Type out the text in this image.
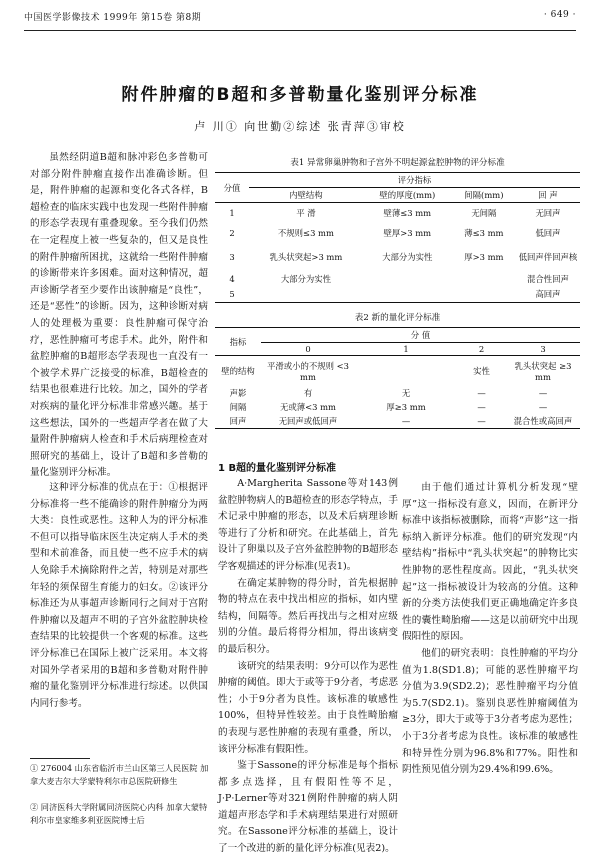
中国医学影像技术 1999年 第15卷 第8期	· 649 ·
附件肿瘤的B超和多普勒量化鉴别评分标准
卢 川① 向世勤②综述 张青萍③审校

虽然经阴道B超和脉冲彩色多普勒可对部分附件肿瘤直接作出准确诊断。但是，附件肿瘤的起源和变化各式各样，B超检查的临床实践中也发现一些附件肿瘤的形态学表现有重叠现象。至今我们仍然在一定程度上被一些复杂的，但又是良性的附件肿瘤所困扰，这就给一些附件肿瘤的诊断带来许多困难。面对这种情况，超声诊断学者至少要作出该肿瘤是“良性”，还是“恶性”的诊断。因为，这种诊断对病人的处理极为重要：良性肿瘤可保守治疗，恶性肿瘤可考虑手术。此外，附件和盆腔肿瘤的B超形态学表现也一直没有一个被学术界广泛接受的标准，B超检查的结果也很难进行比较。加之，国外的学者对疾病的量化评分标准非常感兴趣。基于这些想法，国外的一些超声学者在做了大量附件肿瘤病人检查和手术后病理检查对照研究的基础上，设计了B超和多普勒的量化鉴别评分标准。

表1 异常卵巢肿物和子宫外不明起源盆腔肿物的评分标准
分值	评分指标			
	内壁结构	壁的厚度(mm)	间隔(mm)	回 声
1	平 滑	壁薄≤3 mm	无间隔	无回声
2	不规则≤3 mm	壁厚>3 mm	薄≤3 mm	低回声
3	乳头状突起>3 mm	大部分为实性	厚>3 mm	低回声伴回声核
4	大部分为实性			混合性回声
5				高回声
表2 新的量化评分标准
指标	分 值			
	0	1	2	3
壁的结构	平滑或小的不规则 <3 mm		实性	乳头状突起 ≥3 mm
声影	有	无	—	—
间隔	无或薄<3 mm	厚≥3 mm	—	—
回声	无回声或低回声	—	—	混合性或高回声

这种评分标准的优点在于：①根据评分标准将一些不能确诊的附件肿瘤分为两大类：良性或恶性。这种人为的评分标准不但可以指导临床医生决定病人手术的类型和术前准备，而且使一些不应手术的病人免除手术摘除附件之苦，特别是对那些年轻的须保留生育能力的妇女。②该评分标准还为从事超声诊断同行之间对于宫附件肿瘤以及超声不明的子宫外盆腔肿块检查结果的比较提供一个客观的标准。这些评分标准已在国际上被广泛采用。本文将对国外学者采用的B超和多普勒对附件肿瘤的量化鉴别评分标准进行综述。以供国内同行参考。

① 276004 山东省临沂市兰山区第三人民医院 加拿大麦吉尔大学蒙特利尔市总医院研修生
② 同济医科大学附属同济医院心内科 加拿大蒙特利尔市皇家维多利亚医院博士后
1 B超的量化鉴别评分标准

A·Margherita Sassone等对143例盆腔肿物病人的B超检查的形态学特点，手术记录中肿瘤的形态，以及术后病理诊断等进行了分析和研究。在此基础上，首先设计了卵巢以及子宫外盆腔肿物的B超形态学客观描述的评分标准(见表1)。

在确定某肿物的得分时，首先根据肿物的特点在表中找出相应的指标，如内壁结构，间隔等。然后再找出与之相对应级别的分值。最后将得分相加，得出该病变的最后积分。

该研究的结果表明：9分可以作为恶性肿瘤的阈值。即大于或等于9分者，考虑恶性；小于9分者为良性。该标准的敏感性100%，但特异性较差。由于良性畸胎瘤的表现与恶性肿瘤的表现有重叠，所以，该评分标准有假阳性。

鉴于Sassone的评分标准是每个指标都多点选择，且有假阳性等不足，J·P·Lerner等对321例附件肿瘤的病人阴道超声形态学和手术病理结果进行对照研究。在Sassone评分标准的基础上，设计了一个改进的新的量化评分标准(见表2)。

由于他们通过计算机分析发现“壁厚”这一指标没有意义，因而，在新评分标准中该指标被删除，而将“声影”这一指标纳入新评分标准。他们的研究发现“内壁结构”指标中“乳头状突起”的肿物比实性肿物的恶性程度高。因此，“乳头状突起”这一指标被设计为较高的分值。这种新的分类方法使我们更正确地确定许多良性的囊性畸胎瘤——这是以前研究中出现假阳性的原因。

他们的研究表明：良性肿瘤的平均分值为1.8(SD1.8)；可能的恶性肿瘤平均分值为3.9(SD2.2)；恶性肿瘤平均分值为5.7(SD2.1)。鉴别良恶性肿瘤阈值为≥3分，即大于或等于3分者考虑为恶性；小于3分者考虑为良性。该标准的敏感性和特异性分别为96.8%和77%。阳性和阴性预见值分别为29.4%和99.6%。
